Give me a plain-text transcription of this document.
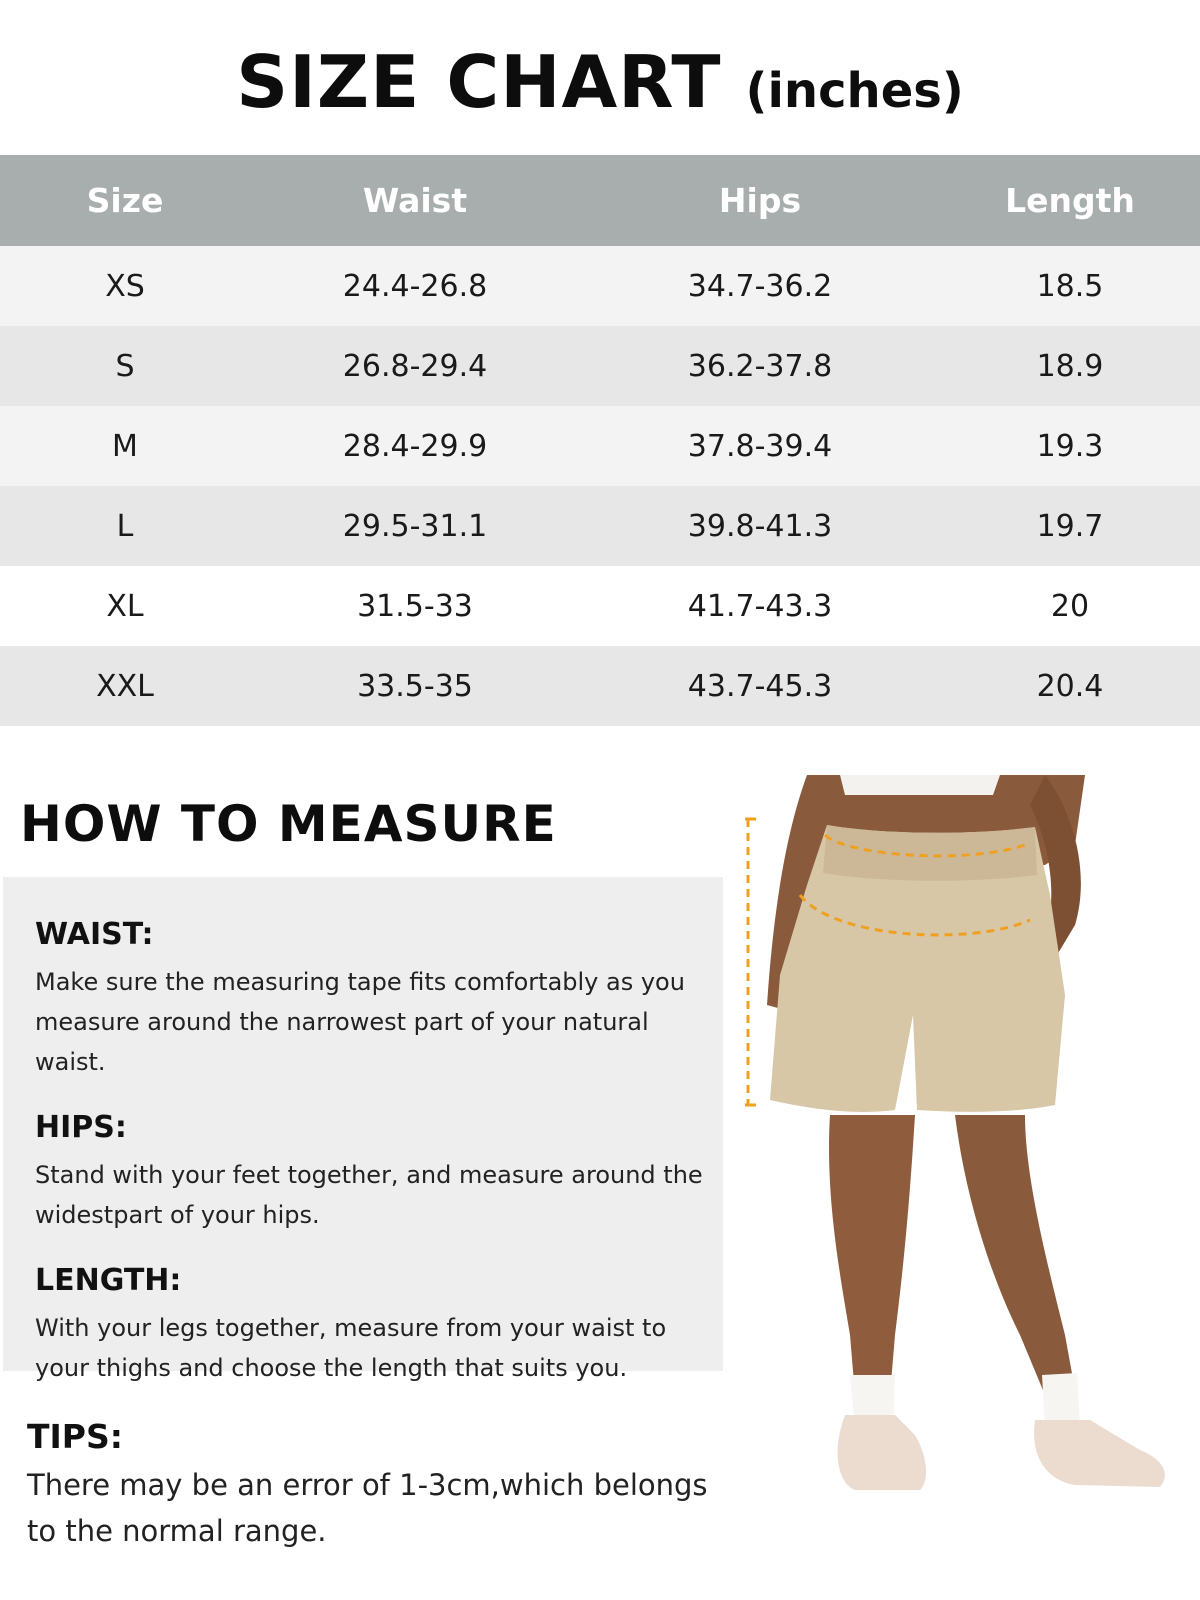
SIZE CHART (inches)
Size	Waist	Hips	Length
XS	24.4-26.8	34.7-36.2	18.5
S	26.8-29.4	36.2-37.8	18.9
M	28.4-29.9	37.8-39.4	19.3
L	29.5-31.1	39.8-41.3	19.7
XL	31.5-33	41.7-43.3	20
XXL	33.5-35	43.7-45.3	20.4
HOW TO MEASURE
WAIST:
Make sure the measuring tape fits comfortably as you measure around the narrowest part of your natural waist.
HIPS:
Stand with your feet together, and measure around the widestpart of your hips.
LENGTH:
With your legs together, measure from your waist to your thighs and choose the length that suits you.
TIPS:
There may be an error of 1-3cm,which belongs to the normal range.
